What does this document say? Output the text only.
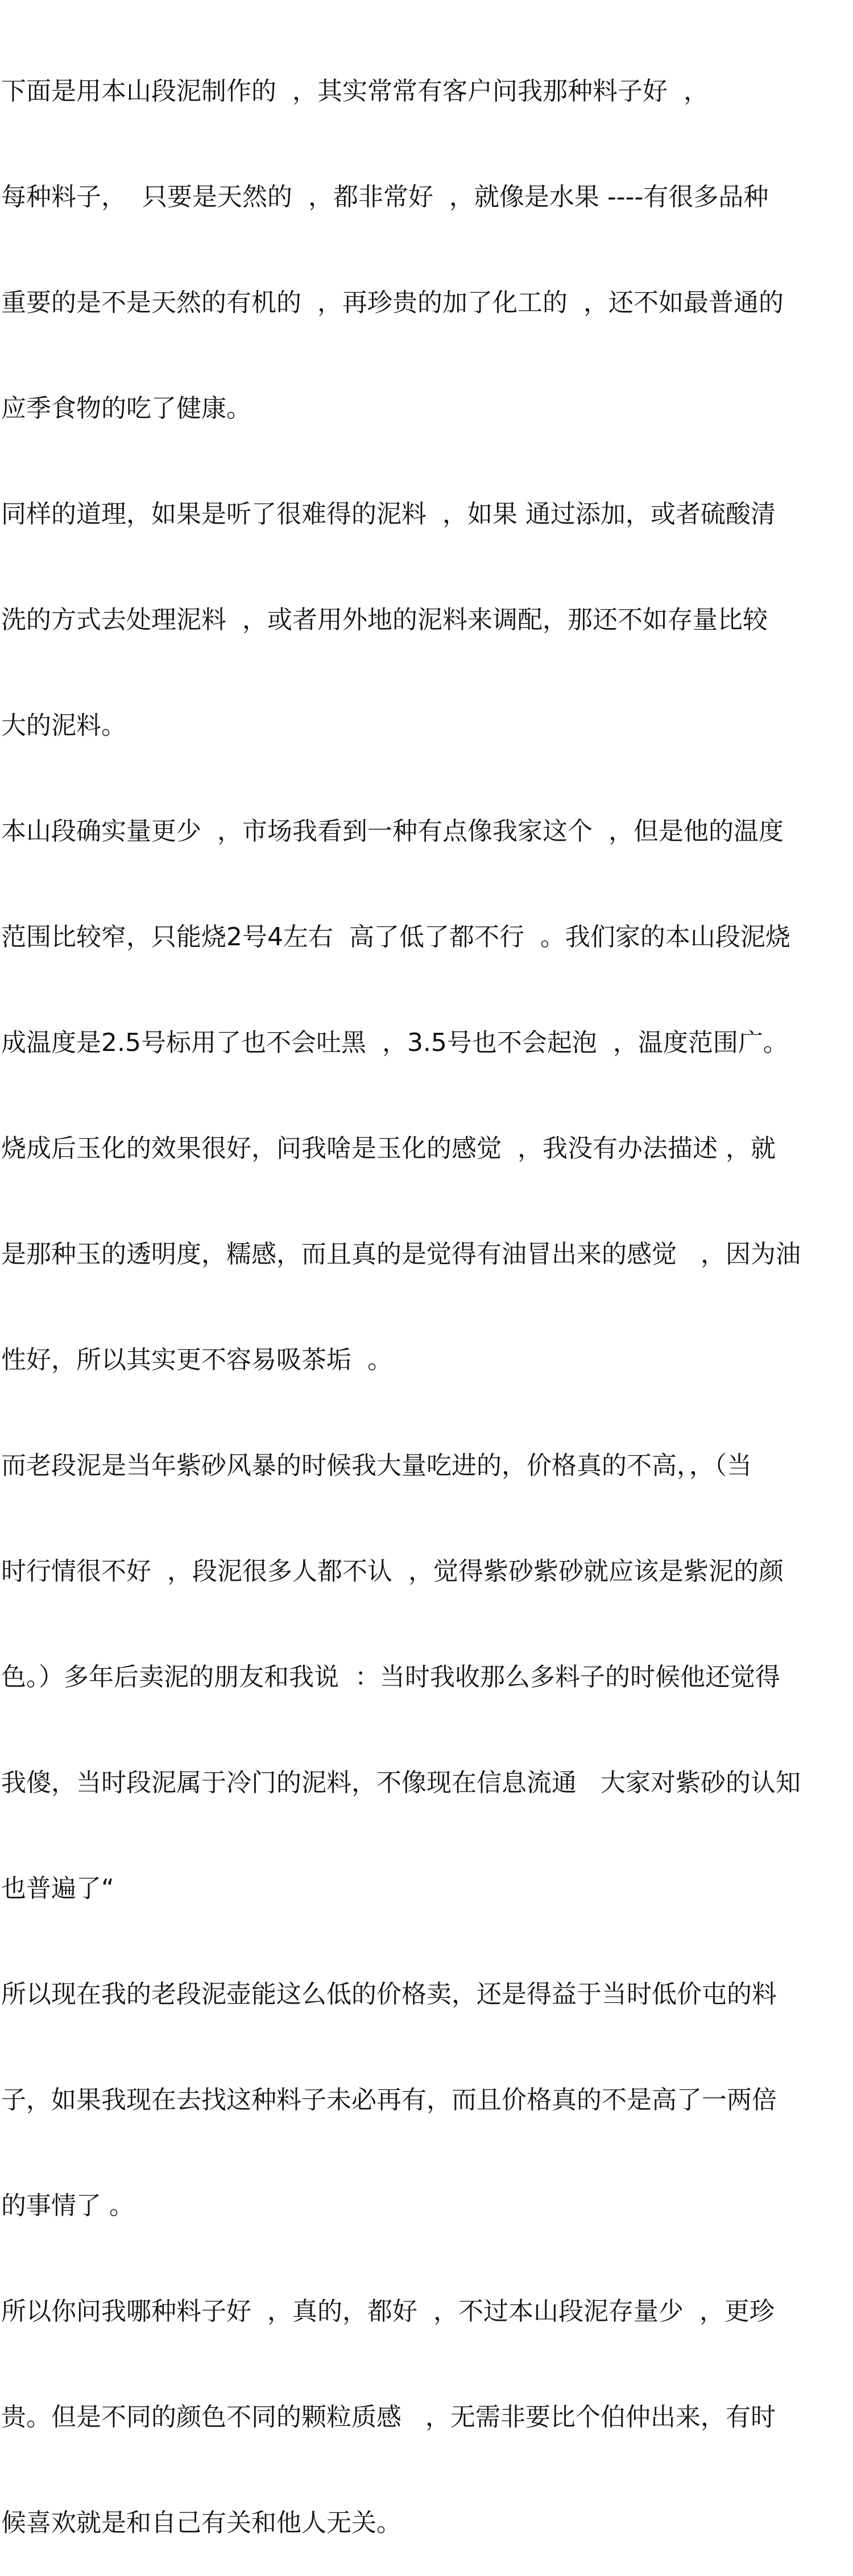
下面是用本山段泥制作的  ，其实常常有客户问我那种料子好  ，

每种料子，  只要是天然的  ，都非常好  ，就像是水果 ----有很多品种

重要的是不是天然的有机的  ，再珍贵的加了化工的  ，还不如最普通的

应季食物的吃了健康。

同样的道理，如果是听了很难得的泥料  ，如果 通过添加，或者硫酸清

洗的方式去处理泥料  ，或者用外地的泥料来调配，那还不如存量比较

大的泥料。

本山段确实量更少  ，市场我看到一种有点像我家这个  ，但是他的温度

范围比较窄，只能烧2号4左右  高了低了都不行  。我们家的本山段泥烧

成温度是2.5号标用了也不会吐黑  ，3.5号也不会起泡  ，温度范围广。

烧成后玉化的效果很好，问我啥是玉化的感觉  ，我没有办法描述 ，就

是那种玉的透明度，糯感，而且真的是觉得有油冒出来的感觉   ，因为油

性好，所以其实更不容易吸茶垢  。

而老段泥是当年紫砂风暴的时候我大量吃进的，价格真的不高，，（当

时行情很不好  ，段泥很多人都不认  ，觉得紫砂紫砂就应该是紫泥的颜

色。）多年后卖泥的朋友和我说  ：当时我收那么多料子的时候他还觉得

我傻，当时段泥属于冷门的泥料，不像现在信息流通   大家对紫砂的认知

也普遍了“

所以现在我的老段泥壶能这么低的价格卖，还是得益于当时低价屯的料

子，如果我现在去找这种料子未必再有，而且价格真的不是高了一两倍

的事情了 。

所以你问我哪种料子好  ，真的，都好  ，不过本山段泥存量少  ，更珍

贵。但是不同的颜色不同的颗粒质感   ，无需非要比个伯仲出来，有时

候喜欢就是和自己有关和他人无关。
